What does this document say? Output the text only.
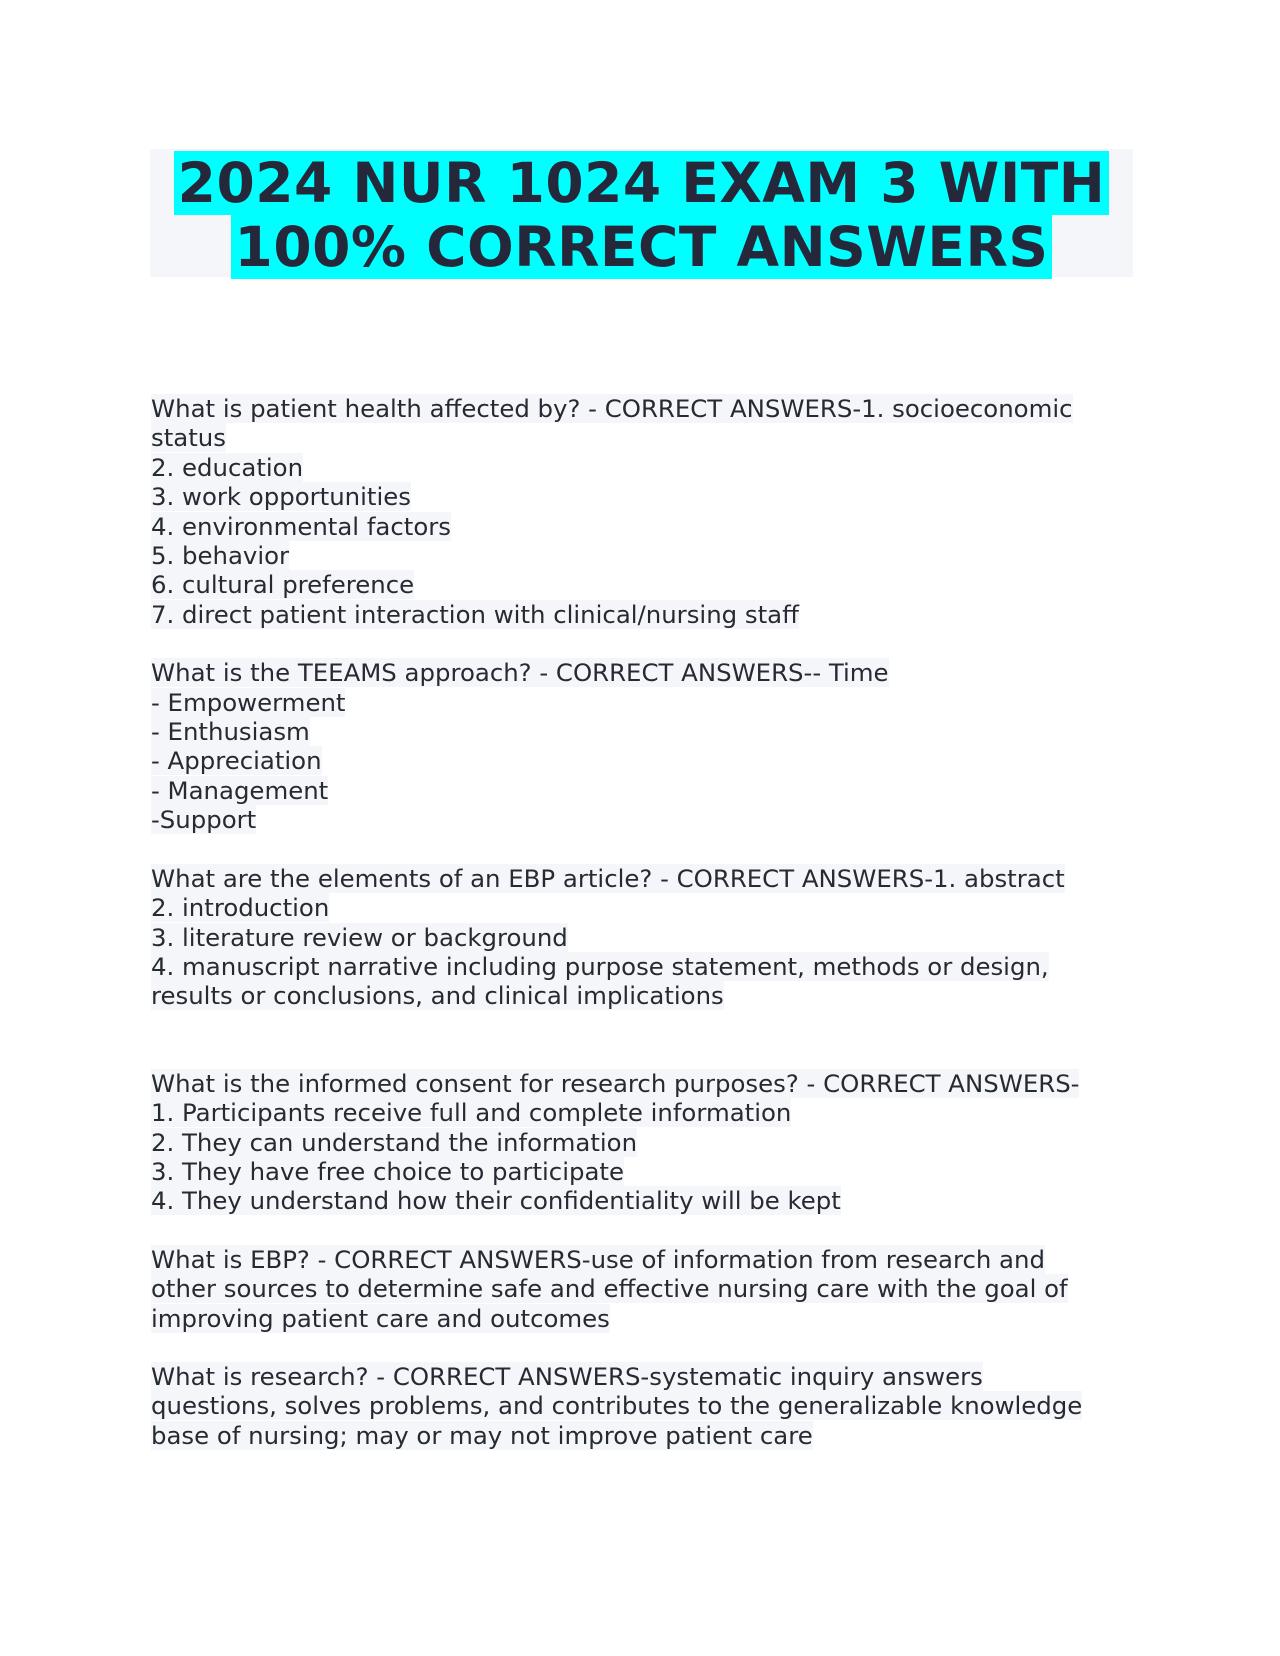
2024 NUR 1024 EXAM 3 WITH
100% CORRECT ANSWERS
What is patient health affected by? - CORRECT ANSWERS-1. socioeconomic
status
2. education
3. work opportunities
4. environmental factors
5. behavior
6. cultural preference
7. direct patient interaction with clinical/nursing staff
What is the TEEAMS approach? - CORRECT ANSWERS-- Time
- Empowerment
- Enthusiasm
- Appreciation
- Management
-Support
What are the elements of an EBP article? - CORRECT ANSWERS-1. abstract
2. introduction
3. literature review or background
4. manuscript narrative including purpose statement, methods or design,
results or conclusions, and clinical implications
What is the informed consent for research purposes? - CORRECT ANSWERS-
1. Participants receive full and complete information
2. They can understand the information
3. They have free choice to participate
4. They understand how their confidentiality will be kept
What is EBP? - CORRECT ANSWERS-use of information from research and
other sources to determine safe and effective nursing care with the goal of
improving patient care and outcomes
What is research? - CORRECT ANSWERS-systematic inquiry answers
questions, solves problems, and contributes to the generalizable knowledge
base of nursing; may or may not improve patient care
